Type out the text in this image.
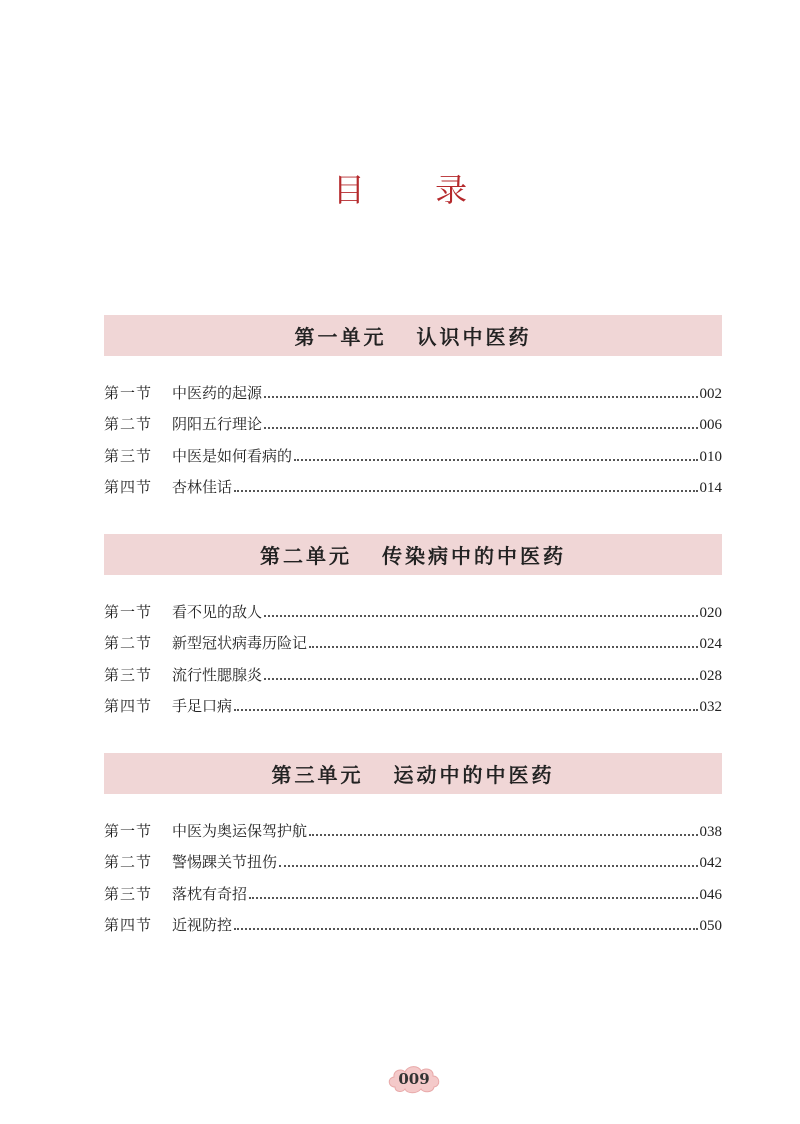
目 录
第一单元 认识中医药
第一节	中医药的起源	002
第二节	阴阳五行理论	006
第三节	中医是如何看病的	010
第四节	杏林佳话	014
第二单元 传染病中的中医药
第一节	看不见的敌人	020
第二节	新型冠状病毒历险记	024
第三节	流行性腮腺炎	028
第四节	手足口病	032
第三单元 运动中的中医药
第一节	中医为奥运保驾护航	038
第二节	警惕踝关节扭伤	042
第三节	落枕有奇招	046
第四节	近视防控	050
009
